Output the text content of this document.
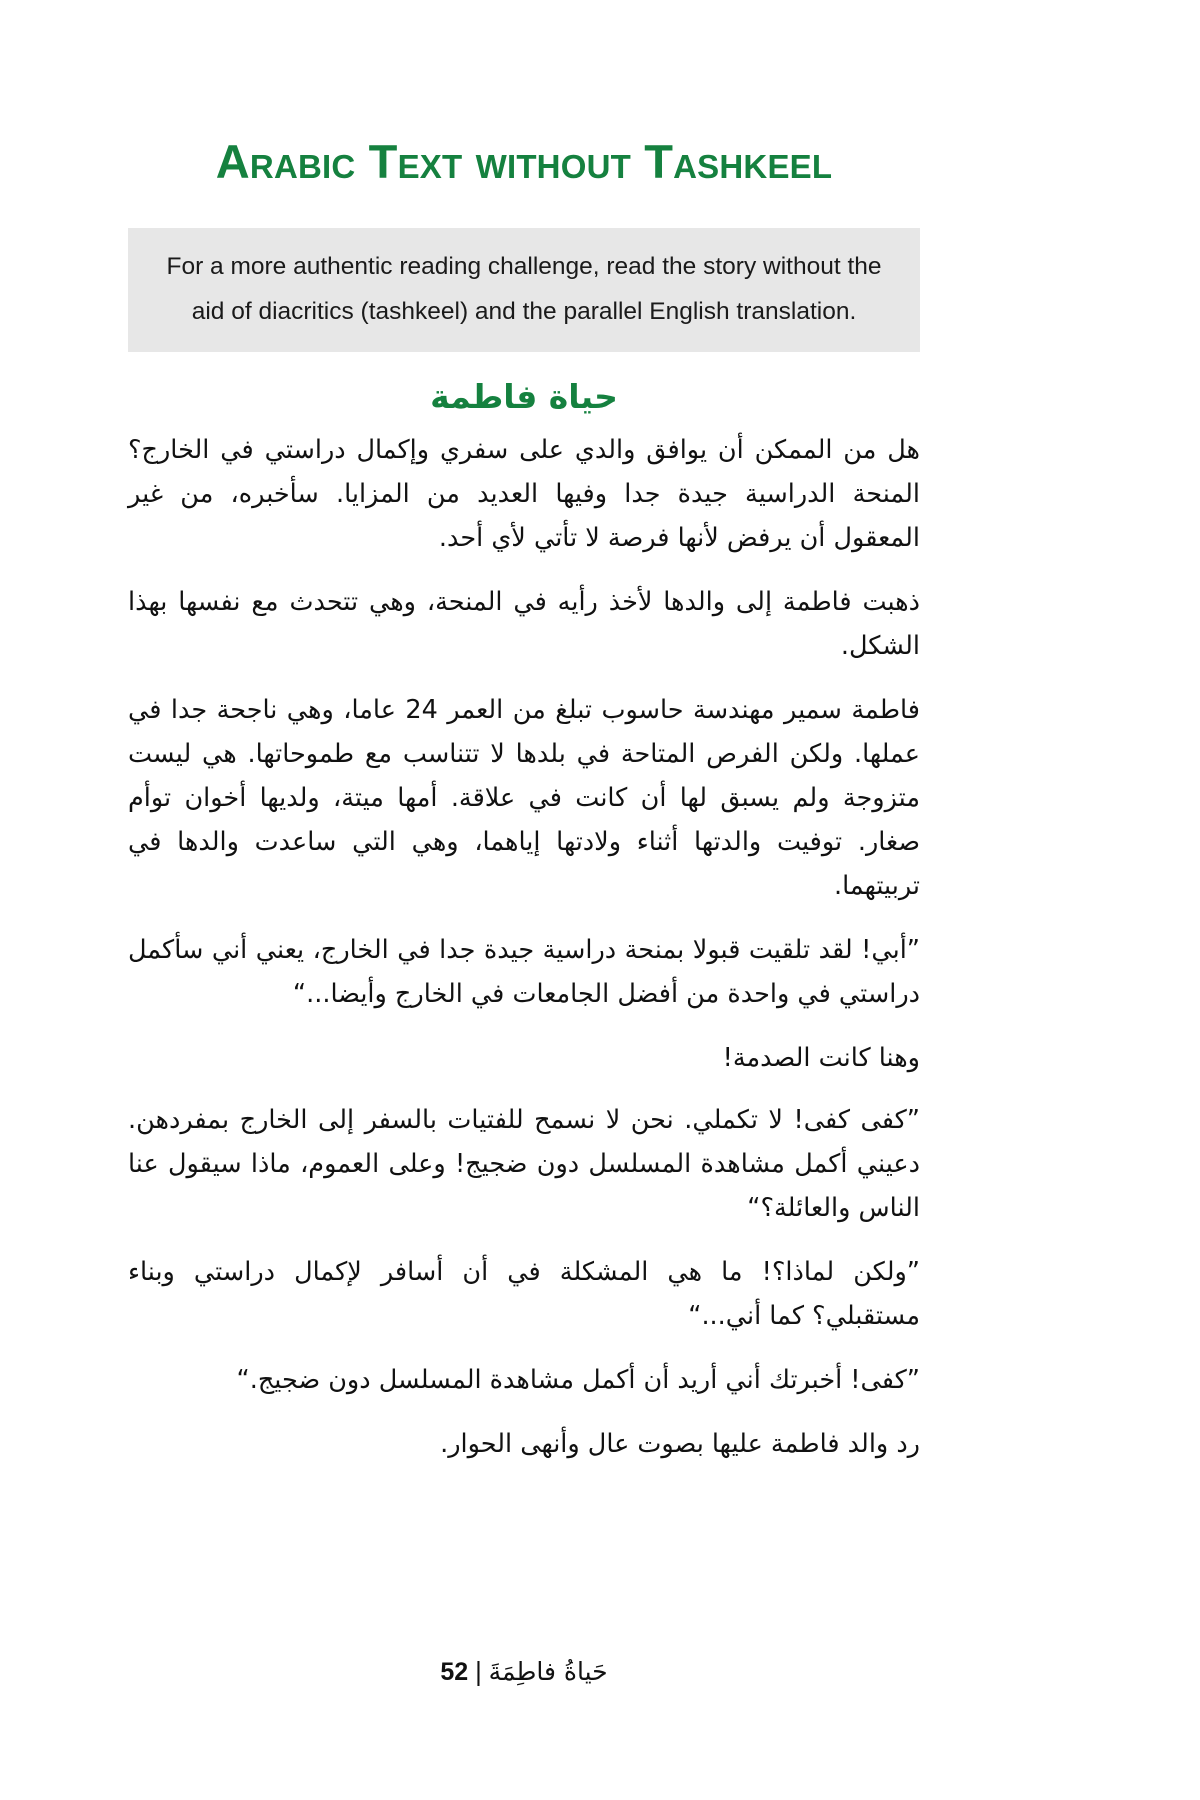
Arabic Text without Tashkeel

For a more authentic reading challenge, read the story without the

aid of diacritics (tashkeel) and the parallel English translation.

حياة فاطمة

هل من الممكن أن يوافق والدي على سفري وإكمال دراستي في الخارج؟ المنحة الدراسية جيدة جدا وفيها العديد من المزايا. سأخبره، من غير المعقول أن يرفض لأنها فرصة لا تأتي لأي أحد.

ذهبت فاطمة إلى والدها لأخذ رأيه في المنحة، وهي تتحدث مع نفسها بهذا الشكل.

فاطمة سمير مهندسة حاسوب تبلغ من العمر 24 عاما، وهي ناجحة جدا في عملها. ولكن الفرص المتاحة في بلدها لا تتناسب مع طموحاتها. هي ليست متزوجة ولم يسبق لها أن كانت في علاقة. أمها ميتة، ولديها أخوان توأم صغار. توفيت والدتها أثناء ولادتها إياهما، وهي التي ساعدت والدها في تربيتهما.

”أبي! لقد تلقيت قبولا بمنحة دراسية جيدة جدا في الخارج، يعني أني سأكمل دراستي في واحدة من أفضل الجامعات في الخارج وأيضا...“

وهنا كانت الصدمة!

”كفى كفى! لا تكملي. نحن لا نسمح للفتيات بالسفر إلى الخارج بمفردهن. دعيني أكمل مشاهدة المسلسل دون ضجيج! وعلى العموم، ماذا سيقول عنا الناس والعائلة؟“

”ولكن لماذا؟! ما هي المشكلة في أن أسافر لإكمال دراستي وبناء مستقبلي؟ كما أني...“

”كفى! أخبرتك أني أريد أن أكمل مشاهدة المسلسل دون ضجيج.“

رد والد فاطمة عليها بصوت عال وأنهى الحوار.

حَياةُ فاطِمَةَ|52
